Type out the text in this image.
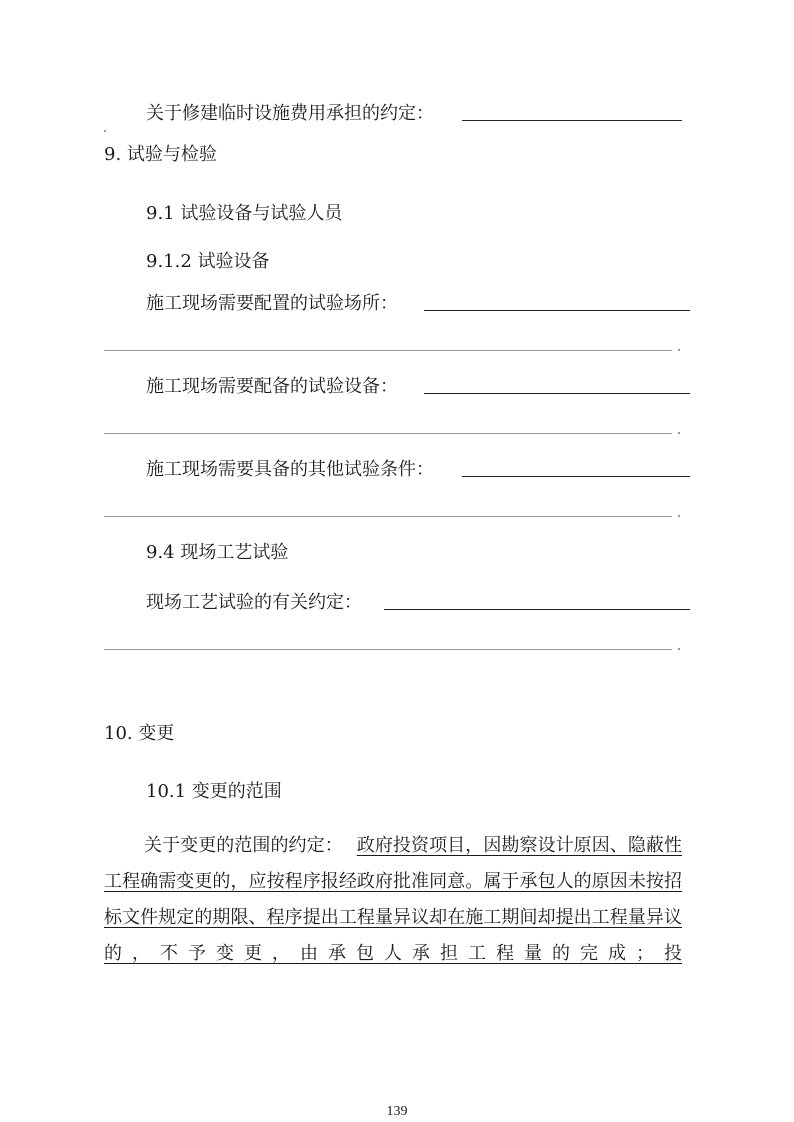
关于修建临时设施费用承担的约定：
9. 试验与检验
9.1 试验设备与试验人员
9.1.2 试验设备
施工现场需要配置的试验场所：
施工现场需要配备的试验设备：
施工现场需要具备的其他试验条件：
9.4 现场工艺试验
现场工艺试验的有关约定：
10. 变更
10.1 变更的范围
关于变更的范围的约定： 政府投资项目，因勘察设计原因、隐蔽性工程确需变更的，应按程序报经政府批准同意。属于承包人的原因未按招标文件规定的期限、程序提出工程量异议却在施工期间却提出工程量异议的，不予变更，由承包人承担工程量的完成；投
139
